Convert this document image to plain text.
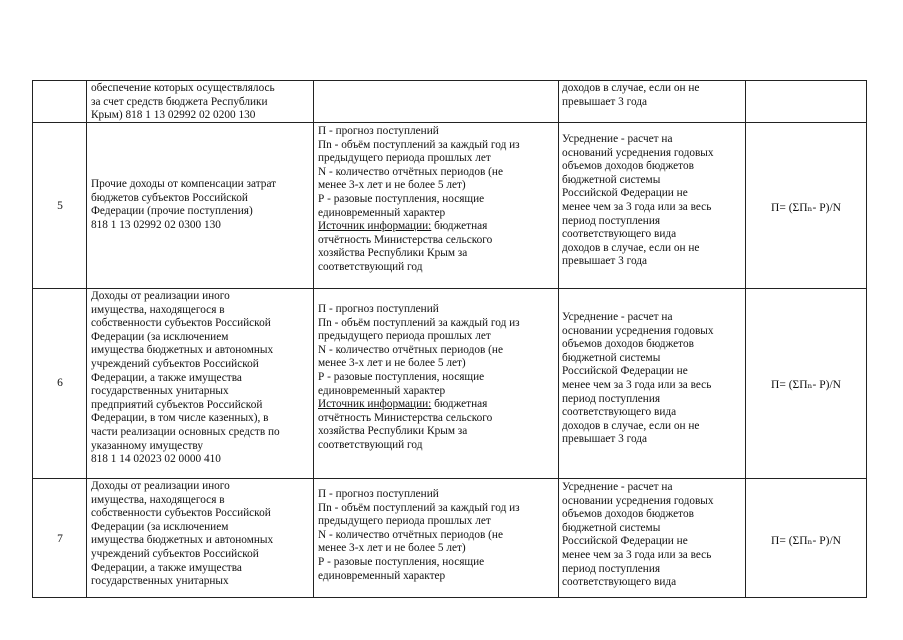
обеспечение которых осуществлялось
за счет средств бюджета Республики
Крым) 818 1 13 02992 02 0200 130
доходов в случае, если он не
превышает 3 года
5
Прочие доходы от компенсации затрат
бюджетов субъектов Российской
Федерации (прочие поступления)
818 1 13 02992 02 0300 130
П - прогноз поступлений
Пn - объём поступлений за каждый год из
предыдущего периода прошлых лет
N - количество отчётных периодов (не
менее 3-х лет и не более 5 лет)
Р - разовые поступления, носящие
единовременный характер
Источник информации: бюджетная
отчётность Министерства сельского
хозяйства Республики Крым за
соответствующий год
Усреднение - расчет на
оснований усреднения годовых
объемов доходов бюджетов
бюджетной системы
Российской Федерации не
менее чем за 3 года или за весь
период поступления
соответствующего вида
доходов в случае, если он не
превышает 3 года
П= (ΣПₙ- Р)/N
6
Доходы от реализации иного
имущества, находящегося в
собственности субъектов Российской
Федерации (за исключением
имущества бюджетных и автономных
учреждений субъектов Российской
Федерации, а также имущества
государственных унитарных
предприятий субъектов Российской
Федерации, в том числе казенных), в
части реализации основных средств по
указанному имуществу
818 1 14 02023 02 0000 410
П - прогноз поступлений
Пn - объём поступлений за каждый год из
предыдущего периода прошлых лет
N - количество отчётных периодов (не
менее 3-х лет и не более 5 лет)
Р - разовые поступления, носящие
единовременный характер
Источник информации: бюджетная
отчётность Министерства сельского
хозяйства Республики Крым за
соответствующий год
Усреднение - расчет на
основании усреднения годовых
объемов доходов бюджетов
бюджетной системы
Российской Федерации не
менее чем за 3 года или за весь
период поступления
соответствующего вида
доходов в случае, если он не
превышает 3 года
П= (ΣПₙ- Р)/N
7
Доходы от реализации иного
имущества, находящегося в
собственности субъектов Российской
Федерации (за исключением
имущества бюджетных и автономных
учреждений субъектов Российской
Федерации, а также имущества
государственных унитарных
П - прогноз поступлений
Пn - объём поступлений за каждый год из
предыдущего периода прошлых лет
N - количество отчётных периодов (не
менее 3-х лет и не более 5 лет)
Р - разовые поступления, носящие
единовременный характер
Усреднение - расчет на
основании усреднения годовых
объемов доходов бюджетов
бюджетной системы
Российской Федерации не
менее чем за 3 года или за весь
период поступления
соответствующего вида
П= (ΣПₙ- Р)/N
